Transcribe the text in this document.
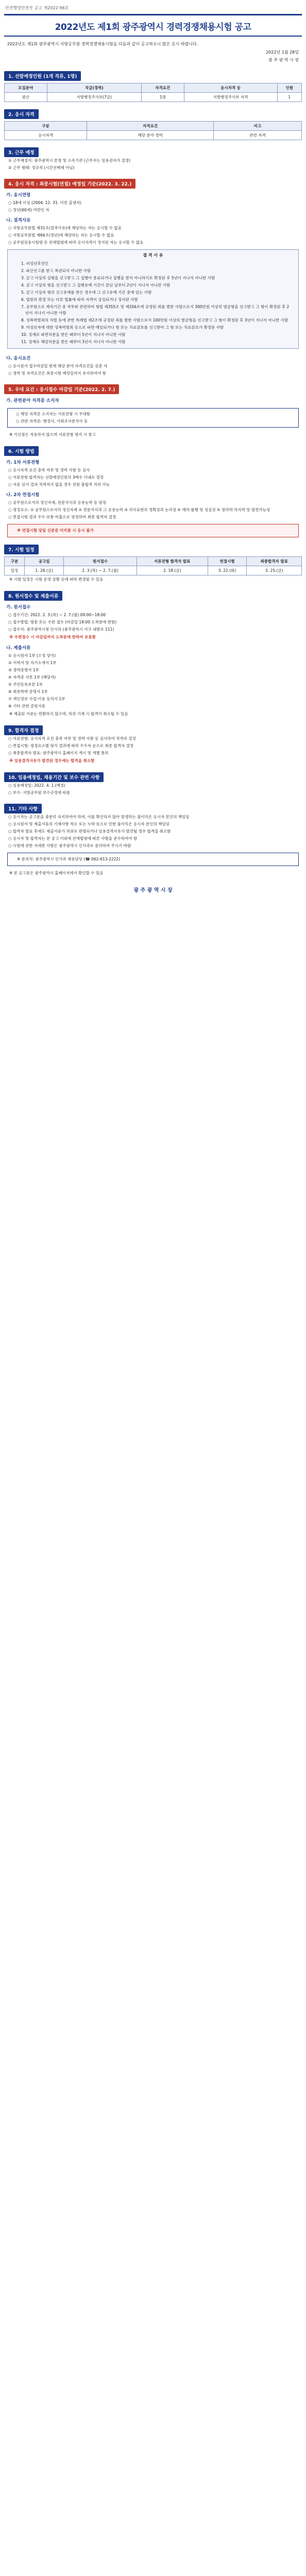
안전행정안전부 공고 제2022-96호
2022년도 제1회 광주광역시 경력경쟁채용시험 공고
2022년도 제1회 광주광역시 지방공무원 경력경쟁채용시험을 다음과 같이 공고하오니 많은 응시 바랍니다.
2022년 1월 28일
광 주 광 역 시 장
1. 선발예정인원 (1개 직류, 1명)
모집분야	직급(경력)	자격요건	응시자격 등	인원
광산	지방행정주사보(7급)	1명	지방행정주사보 자격	1
2. 응시 자격
구분	자격요건	비고
응시자격	해당 분야 경력	관련 자격
3. 근무 예정
① 근무예정지: 광주광역시 본청 및 소속기관 (근무지는 임용권자가 결정)
② 근무 형태: 정규직 (시간선택제 아님)
4. 응시 자격 : 최종시험(면접) 예정일 기준(2022. 3. 22.)
가. 응시연령
○ 18세 이상 (2004. 12. 31. 이전 출생자)
○ 정년(60세) 미만인 자
나. 결격사유
○ 지방공무원법 제31조(결격사유)에 해당하는 자는 응시할 수 없음
○ 지방공무원법 제66조(정년)에 해당하는 자는 응시할 수 없음
○ 공무원임용시험령 등 관계법령에 따라 응시자격이 정지된 자는 응시할 수 없음
결 격 사 유
1. 피성년후견인
2. 파산선고를 받고 복권되지 아니한 사람
3. 금고 이상의 실형을 선고받고 그 집행이 종료되거나 집행을 받지 아니하기로 확정된 후 5년이 지나지 아니한 사람
4. 금고 이상의 형을 선고받고 그 집행유예 기간이 끝난 날부터 2년이 지나지 아니한 사람
5. 금고 이상의 형의 선고유예를 받은 경우에 그 선고유예 기간 중에 있는 사람
6. 법원의 판결 또는 다른 법률에 따라 자격이 상실되거나 정지된 사람
7. 공무원으로 재직기간 중 직무와 관련하여 형법 제355조 및 제356조에 규정된 죄를 범한 사람으로서 300만원 이상의 벌금형을 선고받고 그 형이 확정된 후 2년이 지나지 아니한 사람
8. 성폭력범죄의 처벌 등에 관한 특례법 제2조에 규정된 죄를 범한 사람으로서 100만원 이상의 벌금형을 선고받고 그 형이 확정된 후 3년이 지나지 아니한 사람
9. 미성년자에 대한 성폭력범죄 등으로 파면·해임되거나 형 또는 치료감호를 선고받아 그 형 또는 치료감호가 확정된 사람
10. 징계로 파면처분을 받은 때부터 5년이 지나지 아니한 사람
11. 징계로 해임처분을 받은 때부터 3년이 지나지 아니한 사람
다. 응시요건
○ 응시원서 접수마감일 현재 해당 분야 자격요건을 갖춘 자
○ 경력 및 자격요건은 최종시험 예정일까지 유지하여야 함
5. 우대 요건 : 응시접수 마감일 기준(2022. 2. 7.)
가. 관련분야 자격증 소지자
○ 해당 자격증 소지자는 서류전형 시 우대함
○ 관련 자격증: 행정사, 사회조사분석사 등
※ 가산점은 적용하지 않으며 서류전형 평가 시 참고
6. 시험 방법
가. 1차 서류전형
○ 응시자격 요건 충족 여부 및 경력 사항 등 심사
○ 서류전형 합격자는 선발예정인원의 3배수 이내로 결정
○ 서류 심사 결과 적격자가 없을 경우 전원 불합격 처리 가능
나. 2차 면접시험
○ 공무원으로서의 정신자세, 전문지식과 응용능력 등 평정
○ 평정요소: ① 공무원으로서의 정신자세 ② 전문지식과 그 응용능력 ③ 의사표현의 정확성과 논리성 ④ 예의·품행 및 성실성 ⑤ 창의력·의지력 및 발전가능성
○ 면접시험 결과 우수·보통·미흡으로 평정하여 최종 합격자 결정
※ 면접시험 당일 신분증 미지참 시 응시 불가
7. 시험 일정
구분	공고일	원서접수	서류전형 합격자 발표	면접시험	최종합격자 발표
일정	1. 28.(금)	2. 3.(목) ~ 2. 7.(월)	2. 18.(금)	3. 22.(화)	3. 25.(금)
※ 시험 일정은 시험 운영 상황 등에 따라 변경될 수 있음
8. 원서접수 및 제출서류
가. 원서접수
○ 접수기간: 2022. 2. 3.(목) ~ 2. 7.(월) 09:00~18:00
○ 접수방법: 방문 또는 우편 접수 (마감일 18:00 도착분에 한함)
○ 접수처: 광주광역시청 인사과 (광주광역시 서구 내방로 111)
※ 우편접수 시 마감일까지 도착분에 한하여 유효함
나. 제출서류
① 응시원서 1부 (소정 양식)
② 이력서 및 자기소개서 1부
③ 경력증명서 1부
④ 자격증 사본 1부 (해당자)
⑤ 주민등록초본 1부
⑥ 최종학력 증명서 1부
⑦ 개인정보 수집·이용 동의서 1부
⑧ 기타 관련 증빙서류
※ 제출된 서류는 반환하지 않으며, 허위 기재 시 합격이 취소될 수 있음
9. 합격자 결정
○ 서류전형: 응시자격 요건 충족 여부 및 경력 사항 등 심사하여 적격자 결정
○ 면접시험: 평정요소별 평가 결과에 따라 우수자 순으로 최종 합격자 결정
○ 최종합격자 발표: 광주광역시 홈페이지 게시 및 개별 통보
※ 임용결격사유가 발견된 경우에는 합격을 취소함
10. 임용예정일, 채용기간 및 보수 관련 사항
○ 임용예정일: 2022. 4. 1.(예정)
○ 보수: 지방공무원 보수규정에 따름
11. 기타 사항
○ 응시자는 공고문을 충분히 숙지하여야 하며, 이를 확인하지 않아 발생하는 불이익은 응시자 본인의 책임임
○ 응시원서 및 제출서류의 기재사항 착오 또는 누락 등으로 인한 불이익은 응시자 본인의 책임임
○ 합격자 발표 후에도 제출서류가 허위로 판명되거나 임용결격사유가 발견될 경우 합격을 취소함
○ 응시자 및 합격자는 본 공고 이외에 관계법령에 따른 사항을 준수하여야 함
○ 시험에 관한 자세한 사항은 광주광역시 인사과로 문의하여 주시기 바람
※ 문의처: 광주광역시 인사과 채용담당 (☎ 062-613-2222)
※ 본 공고문은 광주광역시 홈페이지에서 확인할 수 있음
광 주 광 역 시 장
